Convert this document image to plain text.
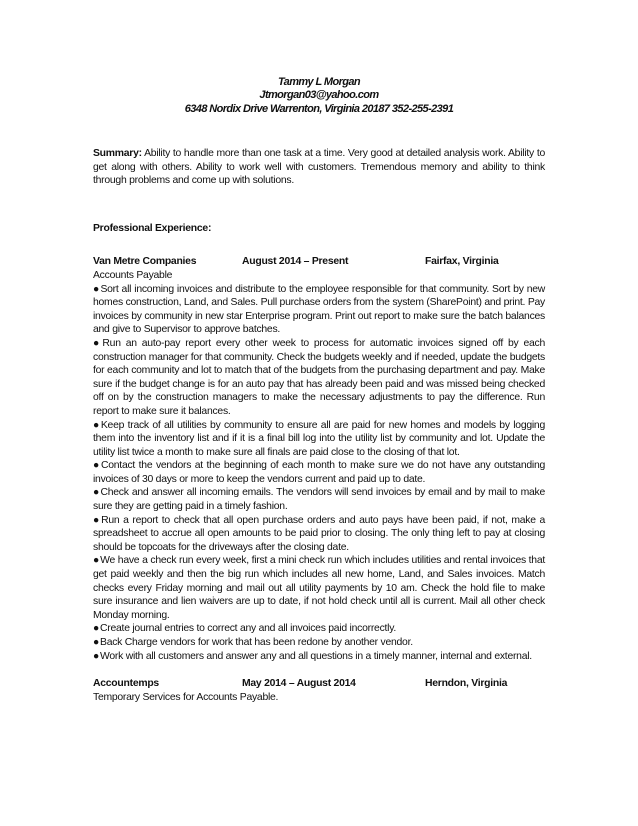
Tammy L Morgan
Jtmorgan03@yahoo.com
6348 Nordix Drive Warrenton, Virginia 20187 352-255-2391

Summary: Ability to handle more than one task at a time. Very good at detailed analysis work. Ability to get along with others. Ability to work well with customers. Tremendous memory and ability to think through problems and come up with solutions.

Professional Experience:
Van Metre Companies	August 2014 – Present	Fairfax, Virginia
Accounts Payable
●Sort all incoming invoices and distribute to the employee responsible for that community. Sort by new homes construction, Land, and Sales. Pull purchase orders from the system (SharePoint) and print. Pay invoices by community in new star Enterprise program. Print out report to make sure the batch balances and give to Supervisor to approve batches.
●Run an auto-pay report every other week to process for automatic invoices signed off by each construction manager for that community. Check the budgets weekly and if needed, update the budgets for each community and lot to match that of the budgets from the purchasing department and pay. Make sure if the budget change is for an auto pay that has already been paid and was missed being checked off on by the construction managers to make the necessary adjustments to pay the difference. Run report to make sure it balances.
●Keep track of all utilities by community to ensure all are paid for new homes and models by logging them into the inventory list and if it is a final bill log into the utility list by community and lot. Update the utility list twice a month to make sure all finals are paid close to the closing of that lot.
●Contact the vendors at the beginning of each month to make sure we do not have any outstanding invoices of 30 days or more to keep the vendors current and paid up to date.
●Check and answer all incoming emails. The vendors will send invoices by email and by mail to make sure they are getting paid in a timely fashion.
●Run a report to check that all open purchase orders and auto pays have been paid, if not, make a spreadsheet to accrue all open amounts to be paid prior to closing. The only thing left to pay at closing should be topcoats for the driveways after the closing date.
●We have a check run every week, first a mini check run which includes utilities and rental invoices that get paid weekly and then the big run which includes all new home, Land, and Sales invoices. Match checks every Friday morning and mail out all utility payments by 10 am. Check the hold file to make sure insurance and lien waivers are up to date, if not hold check until all is current. Mail all other check Monday morning.
●Create journal entries to correct any and all invoices paid incorrectly.
●Back Charge vendors for work that has been redone by another vendor.
●Work with all customers and answer any and all questions in a timely manner, internal and external.
Accountemps	May 2014 – August 2014	Herndon, Virginia
Temporary Services for Accounts Payable.
